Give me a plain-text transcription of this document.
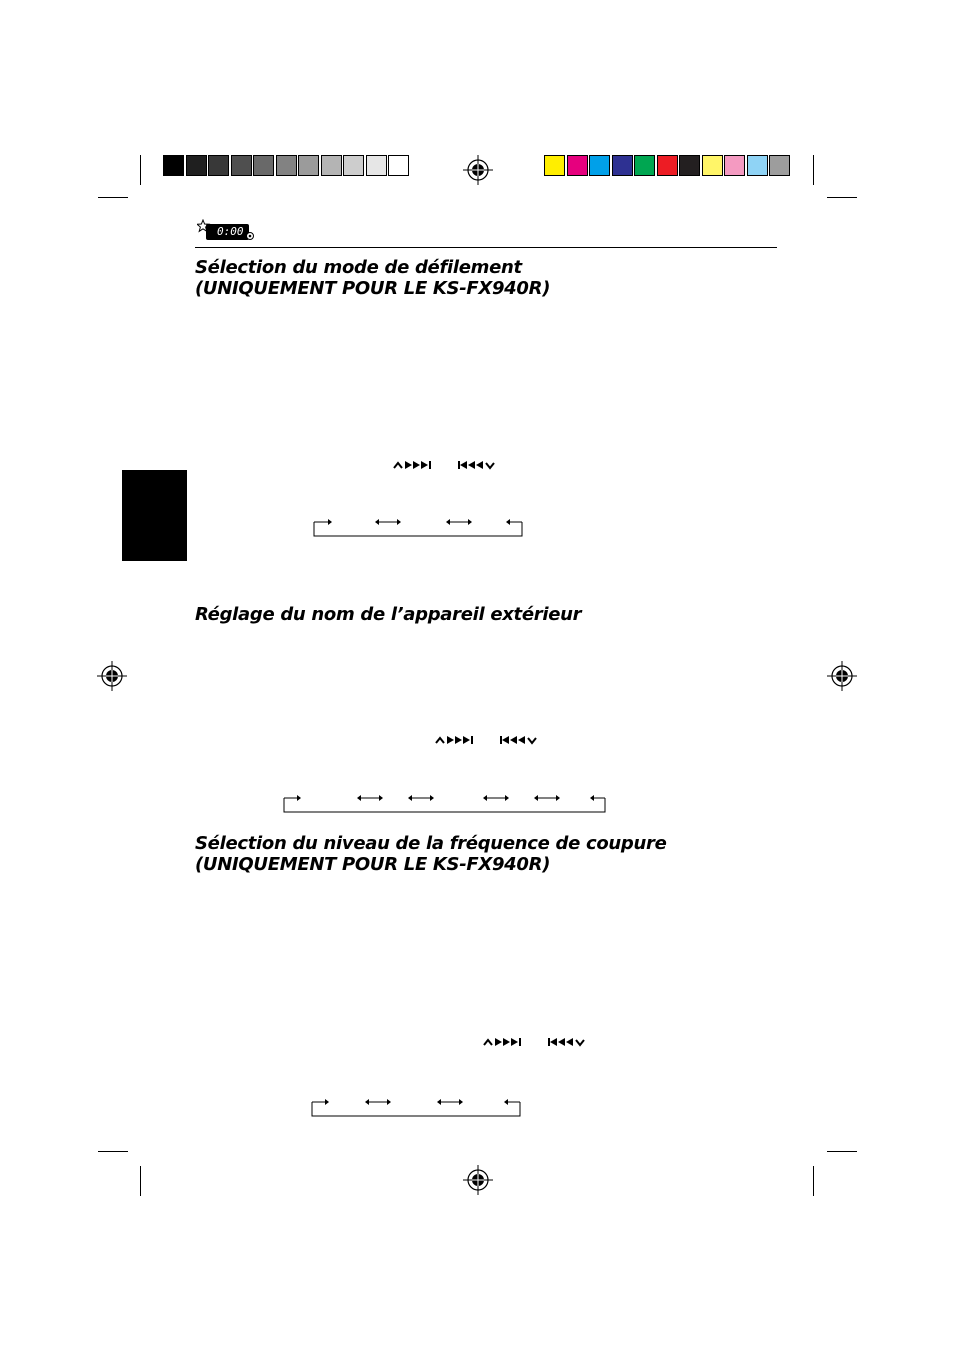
0:00
Sélection du mode de défilement
(UNIQUEMENT POUR LE KS-FX940R)
Réglage du nom de l’appareil extérieur
Sélection du niveau de la fréquence de coupure
(UNIQUEMENT POUR LE KS-FX940R)
